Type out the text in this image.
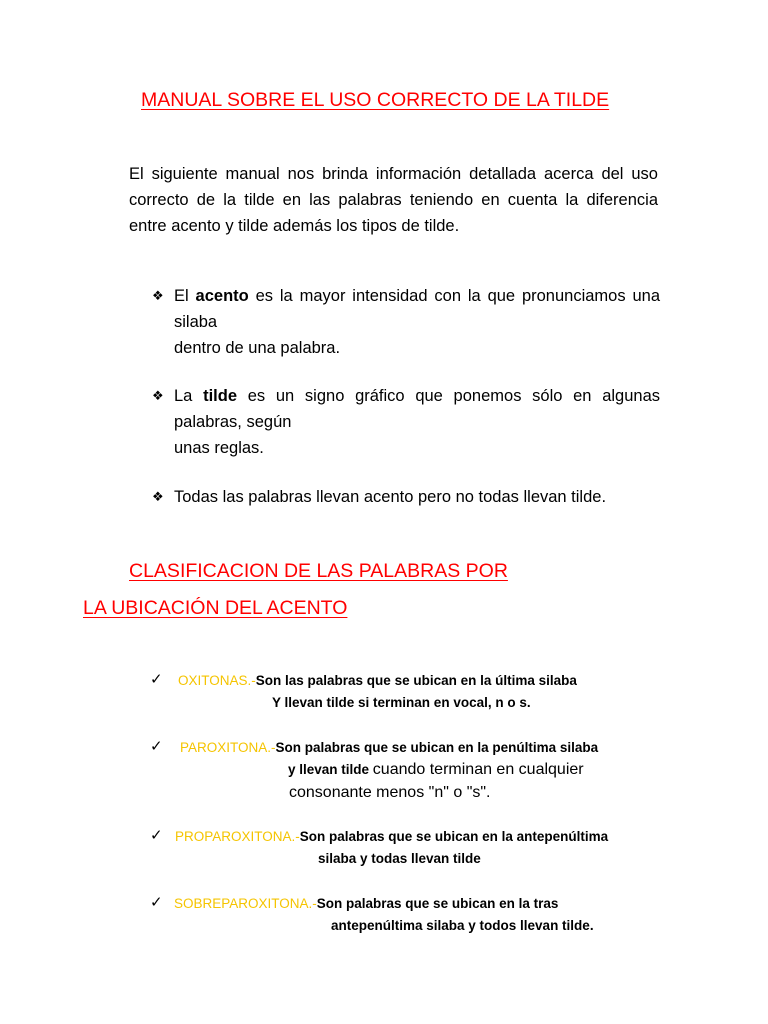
MANUAL SOBRE EL USO CORRECTO DE LA TILDE
El siguiente manual nos brinda información detallada acerca del uso correcto de la tilde en las palabras teniendo en cuenta la diferencia entre acento y tilde además los tipos de tilde.
❖ El acento es la mayor intensidad con la que pronunciamos una silaba
dentro de una palabra.
❖ La tilde es un signo gráfico que ponemos sólo en algunas palabras, según
unas reglas.
❖ Todas las palabras llevan acento pero no todas llevan tilde.
CLASIFICACION DE LAS PALABRAS POR
LA UBICACIÓN DEL ACENTO
✓ OXITONAS.-Son las palabras que se ubican en la última silaba
Y llevan tilde si terminan en vocal, n o s.
✓ PAROXITONA.-Son palabras que se ubican en la penúltima silaba
y llevan tilde cuando terminan en cualquier
consonante menos "n" o "s".
✓ PROPAROXITONA.-Son palabras que se ubican en la antepenúltima
silaba y todas llevan tilde
✓ SOBREPAROXITONA.-Son palabras que se ubican en la tras
antepenúltima silaba y todos llevan tilde.
